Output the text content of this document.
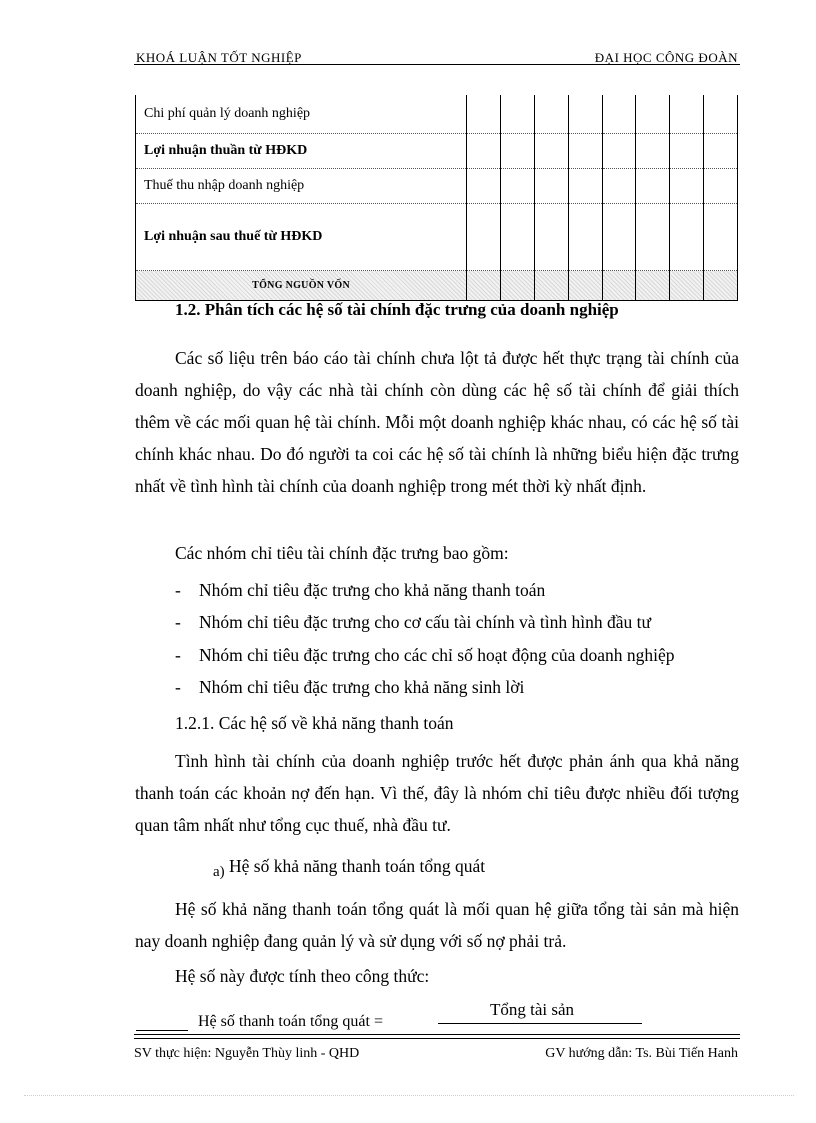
KHOÁ LUẬN TỐT NGHIỆP	ĐẠI HỌC CÔNG ĐOÀN
Chi phí quản lý doanh nghiệp								
Lợi nhuận thuần từ HĐKD								
Thuế thu nhập doanh nghiệp								
Lợi nhuận sau thuế từ HĐKD								
TỔNG NGUỒN VỐN								
1.2. Phân tích các hệ số tài chính đặc trưng của doanh nghiệp
Các số liệu trên báo cáo tài chính chưa lột tả được hết thực trạng tài chính của doanh nghiệp, do vậy các nhà tài chính còn dùng các hệ số tài chính để giải thích thêm về các mối quan hệ tài chính. Mỗi một doanh nghiệp khác nhau, có các hệ số tài chính khác nhau. Do đó người ta coi các hệ số tài chính là những biểu hiện đặc trưng nhất về tình hình tài chính của doanh nghiệp trong mét thời kỳ nhất định.
Các nhóm chỉ tiêu tài chính đặc trưng bao gồm:
- Nhóm chỉ tiêu đặc trưng cho khả năng thanh toán
- Nhóm chỉ tiêu đặc trưng cho cơ cấu tài chính và tình hình đầu tư
- Nhóm chỉ tiêu đặc trưng cho các chỉ số hoạt động của doanh nghiệp
- Nhóm chỉ tiêu đặc trưng cho khả năng sinh lời
1.2.1. Các hệ số về khả năng thanh toán
Tình hình tài chính của doanh nghiệp trước hết được phản ánh qua khả năng thanh toán các khoản nợ đến hạn. Vì thế, đây là nhóm chỉ tiêu được nhiều đối tượng quan tâm nhất như tổng cục thuế, nhà đầu tư.
a) Hệ số khả năng thanh toán tổng quát
Hệ số khả năng thanh toán tổng quát là mối quan hệ giữa tổng tài sản mà hiện nay doanh nghiệp đang quản lý và sử dụng với số nợ phải trả.
Hệ số này được tính theo công thức:
Hệ số thanh toán tổng quát =
Tổng tài sản
SV thực hiện: Nguyễn Thùy linh - QHD	GV hướng dẫn: Ts. Bùi Tiến Hanh
